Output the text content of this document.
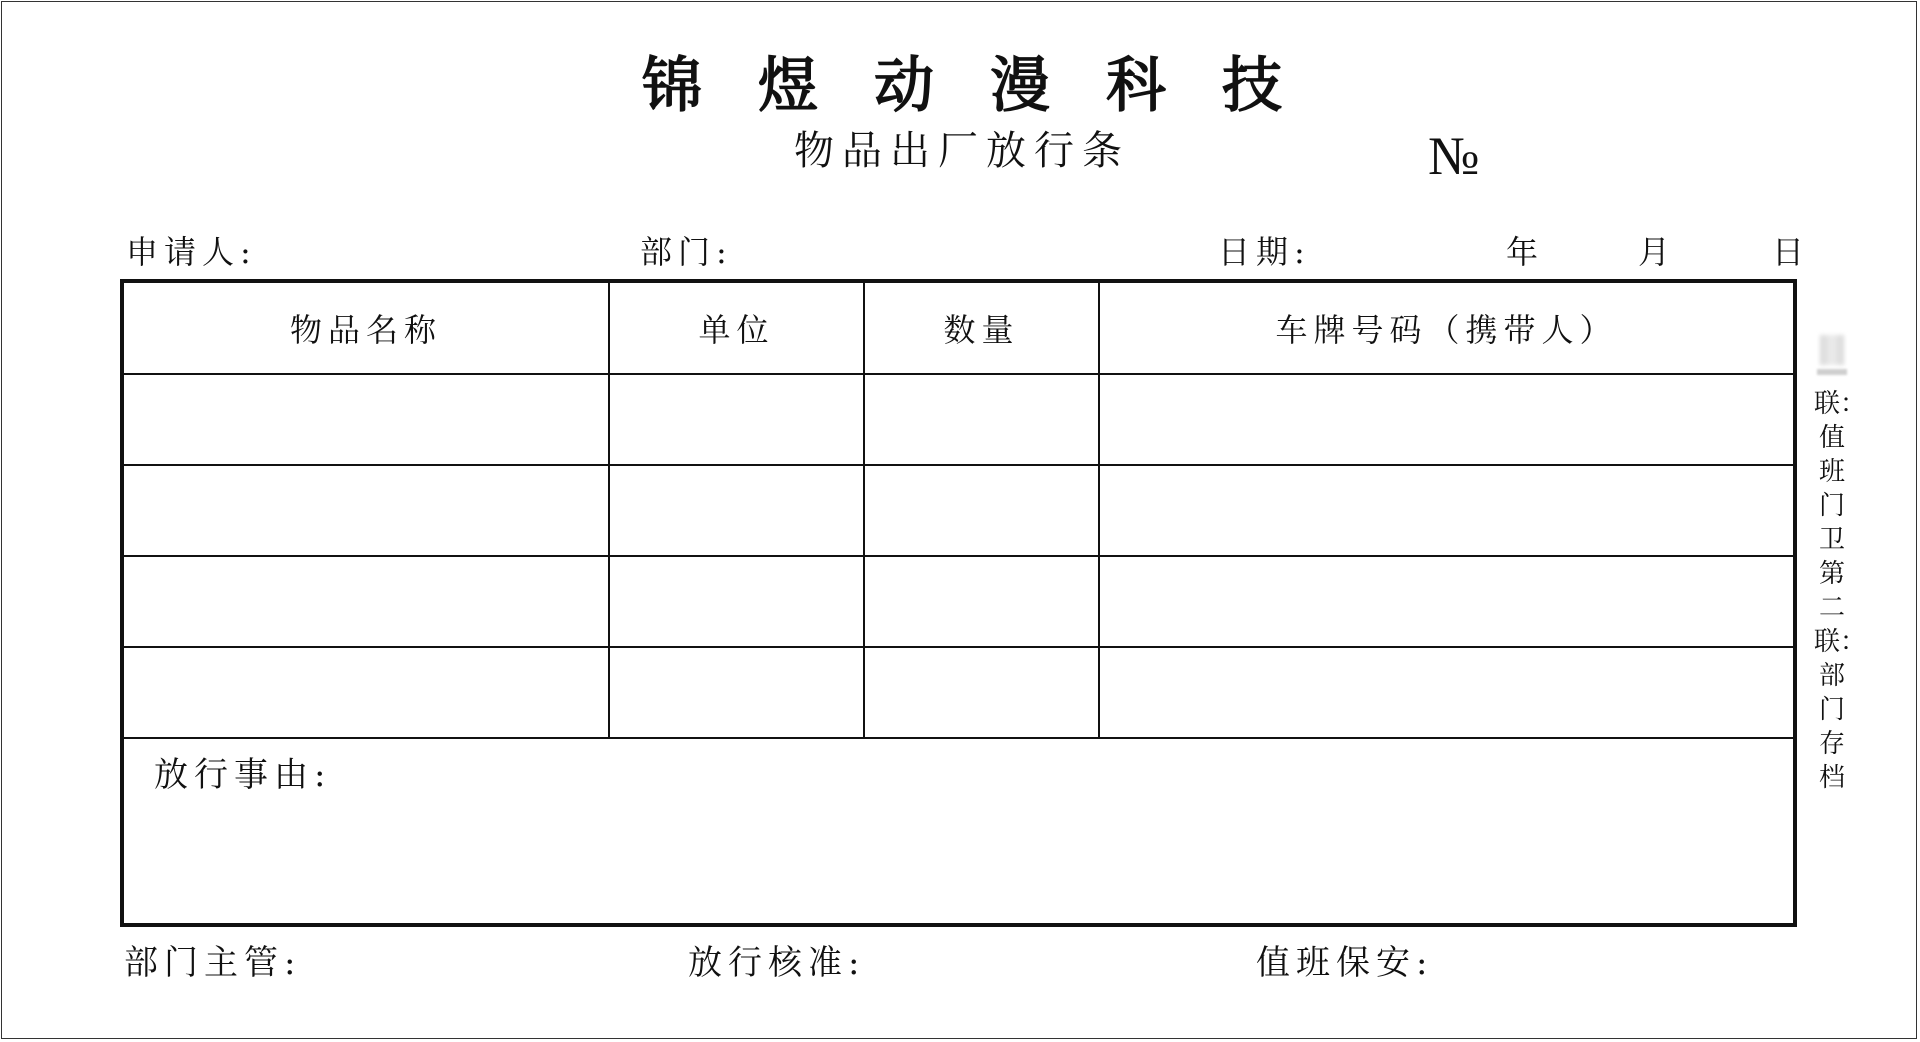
锦煜动漫科技
物品出厂放行条	№
申请人:	部门:	日期:	年	月	日
物品名称	单位	数量	车牌号码（携带人）

放行事由:
部门主管:	放行核准:	值班保安:
联：值班门卫 第二联：部门存档
